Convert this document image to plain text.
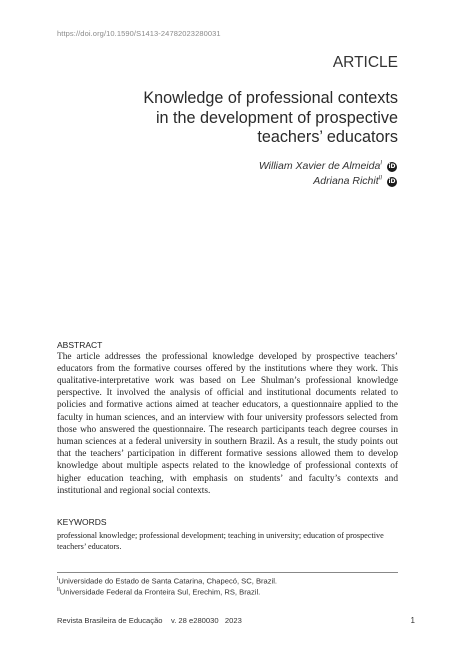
https://doi.org/10.1590/S1413-24782023280031
ARTICLE
Knowledge of professional contexts in the development of prospective teachers’ educators
William Xavier de Almeida$^I$ iD
Adriana Richit$^{II}$ iD
ABSTRACT
The article addresses the professional knowledge developed by prospective teachers’ educators from the formative courses offered by the institutions where they work. This qualitative-interpretative work was based on Lee Shulman’s professional knowledge perspective. It involved the analysis of official and institutional documents related to policies and formative actions aimed at teacher educators, a questionnaire applied to the faculty in human sciences, and an interview with four university professors selected from those who answered the questionnaire. The research participants teach degree courses in human sciences at a federal university in southern Brazil. As a result, the study points out that the teachers’ participation in different formative sessions allowed them to develop knowledge about multiple aspects related to the knowledge of professional contexts of higher education teaching, with emphasis on students’ and faculty’s contexts and institutional and regional social contexts.
KEYWORDS
professional knowledge; professional development; teaching in university; education of prospective teachers’ educators.
$^I$Universidade do Estado de Santa Catarina, Chapecó, SC, Brazil.
$^{II}$Universidade Federal da Fronteira Sul, Erechim, RS, Brazil.
Revista Brasileira de Educação v. 28 e280030 2023	1
